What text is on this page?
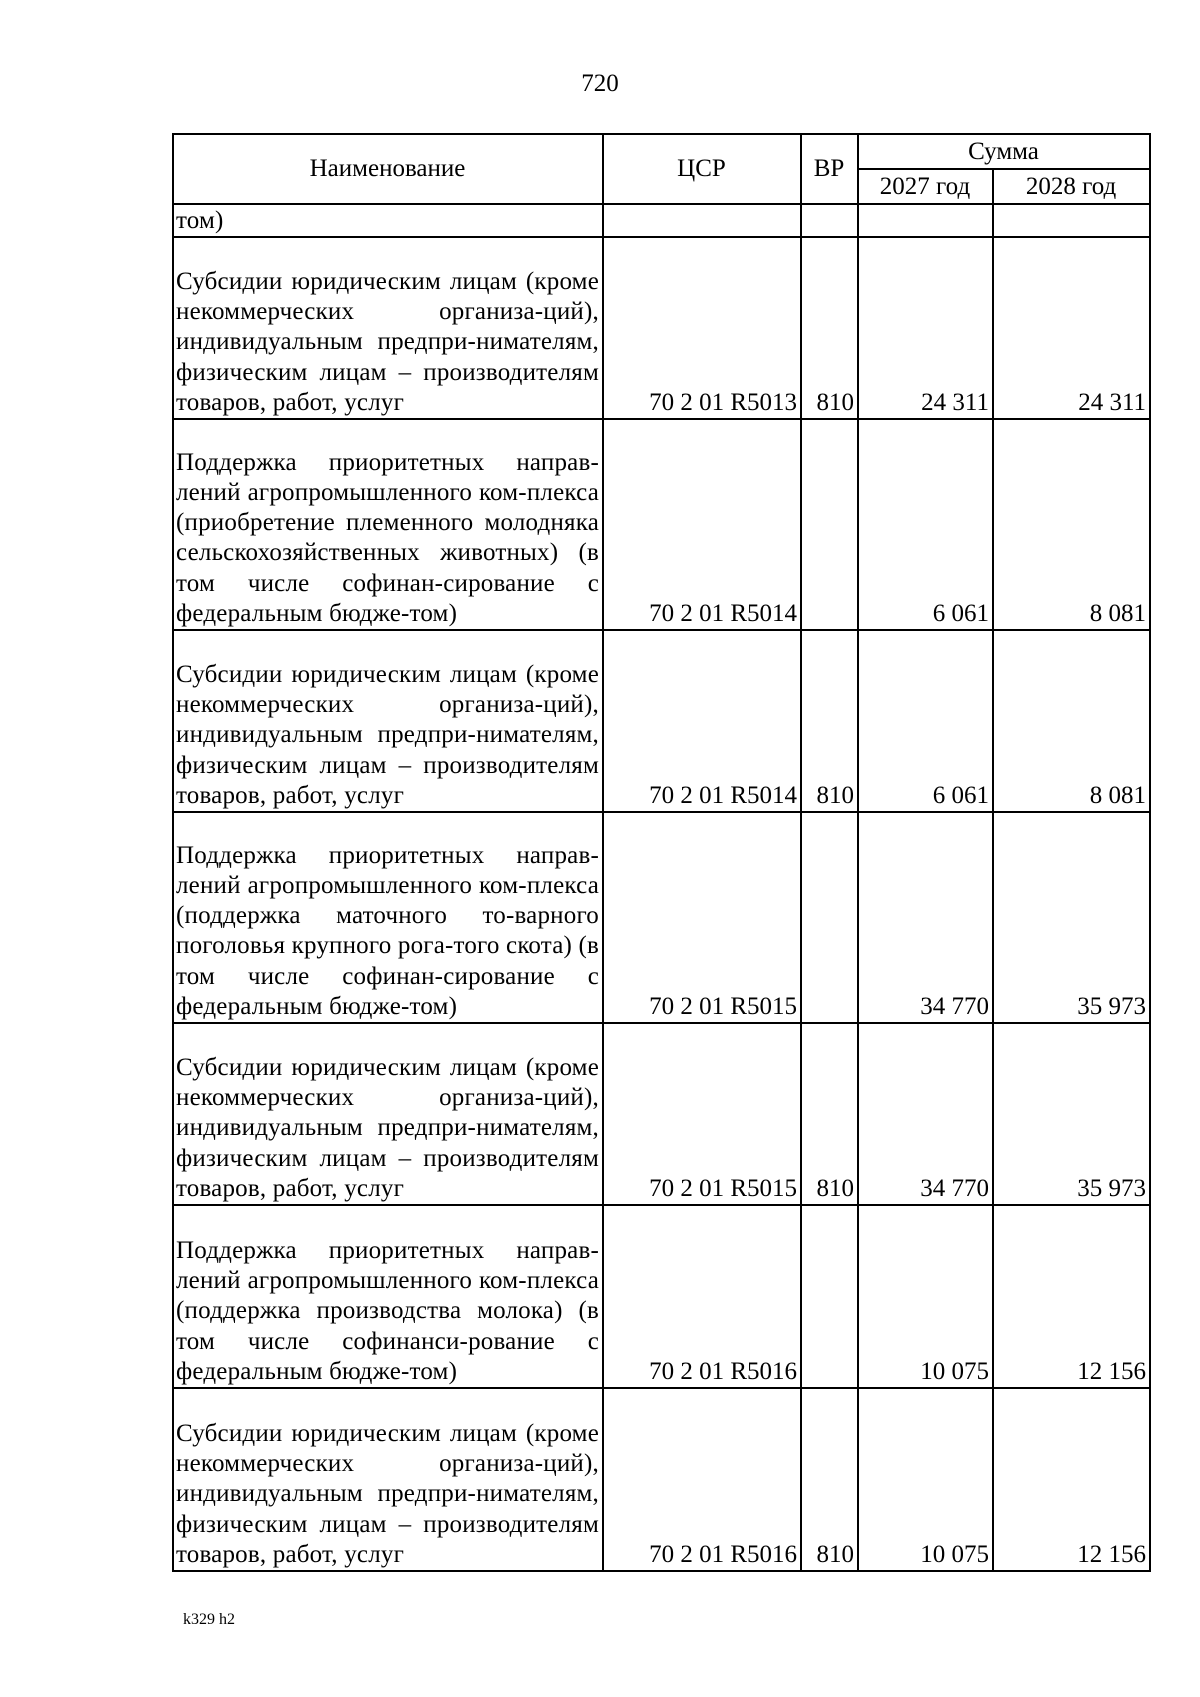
720
Наименование	ЦСР	ВР	Сумма	
			2027 год	2028 год
том)				
Субсидии юридическим лицам (кроме некоммерческих организа-ций), индивидуальным предпри-нимателям, физическим лицам – производителям товаров, работ, услуг	70 2 01 R5013	810	24 311	24 311
Поддержка приоритетных направ-лений агропромышленного ком-плекса (приобретение племенного молодняка сельскохозяйственных животных) (в том числе софинан-сирование с федеральным бюдже-том)	70 2 01 R5014		6 061	8 081
Субсидии юридическим лицам (кроме некоммерческих организа-ций), индивидуальным предпри-нимателям, физическим лицам – производителям товаров, работ, услуг	70 2 01 R5014	810	6 061	8 081
Поддержка приоритетных направ-лений агропромышленного ком-плекса (поддержка маточного то-варного поголовья крупного рога-того скота) (в том числе софинан-сирование с федеральным бюдже-том)	70 2 01 R5015		34 770	35 973
Субсидии юридическим лицам (кроме некоммерческих организа-ций), индивидуальным предпри-нимателям, физическим лицам – производителям товаров, работ, услуг	70 2 01 R5015	810	34 770	35 973
Поддержка приоритетных направ-лений агропромышленного ком-плекса (поддержка производства молока) (в том числе софинанси-рование с федеральным бюдже-том)	70 2 01 R5016		10 075	12 156
Субсидии юридическим лицам (кроме некоммерческих организа-ций), индивидуальным предпри-нимателям, физическим лицам – производителям товаров, работ, услуг	70 2 01 R5016	810	10 075	12 156
k329 h2
